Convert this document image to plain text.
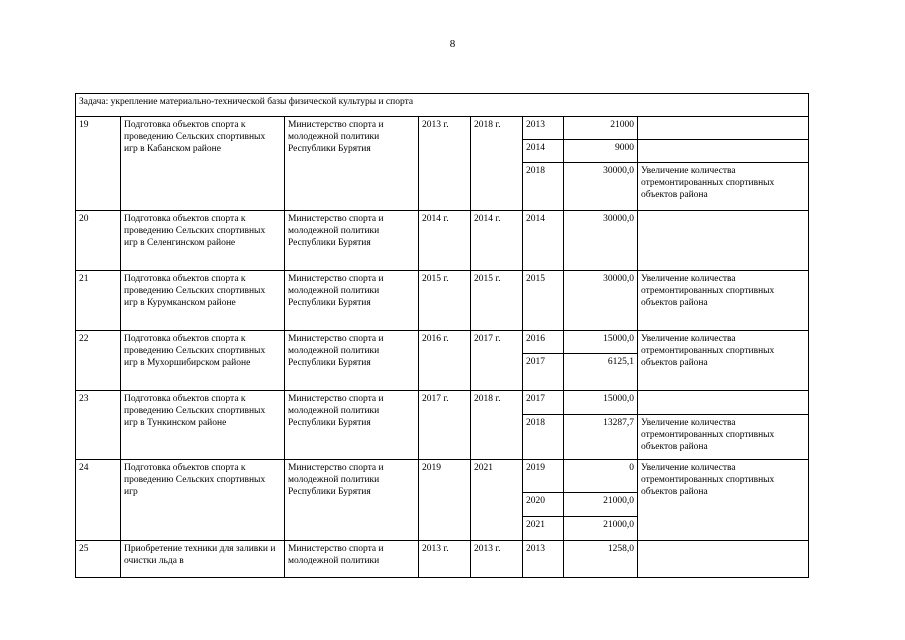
8
Задача: укрепление материально-технической базы физической культуры и спорта							
19	Подготовка объектов спорта к проведению Сельских спортивных игр в Кабанском районе	Министерство спорта и молодежной политики Республики Бурятия	2013 г.	2018 г.	2013	21000	
					2014	9000	
					2018	30000,0	Увеличение количества отремонтированных спортивных объектов района
20	Подготовка объектов спорта к проведению Сельских спортивных игр в Селенгинском районе	Министерство спорта и молодежной политики Республики Бурятия	2014 г.	2014 г.	2014	30000,0	
21	Подготовка объектов спорта к проведению Сельских спортивных игр в Курумканском районе	Министерство спорта и молодежной политики Республики Бурятия	2015 г.	2015 г.	2015	30000,0	Увеличение количества отремонтированных спортивных объектов района
22	Подготовка объектов спорта к проведению Сельских спортивных игр в Мухоршибирском районе	Министерство спорта и молодежной политики Республики Бурятия	2016 г.	2017 г.	2016	15000,0	Увеличение количества отремонтированных спортивных объектов района
					2017	6125,1	
23	Подготовка объектов спорта к проведению Сельских спортивных игр в Тункинском районе	Министерство спорта и молодежной политики Республики Бурятия	2017 г.	2018 г.	2017	15000,0	
					2018	13287,7	Увеличение количества отремонтированных спортивных объектов района
24	Подготовка объектов спорта к проведению Сельских спортивных игр	Министерство спорта и молодежной политики Республики Бурятия	2019	2021	2019	0	Увеличение количества отремонтированных спортивных объектов района
					2020	21000,0	
					2021	21000,0	
25	Приобретение техники для заливки и очистки льда в	Министерство спорта и молодежной политики	2013 г.	2013 г.	2013	1258,0	
